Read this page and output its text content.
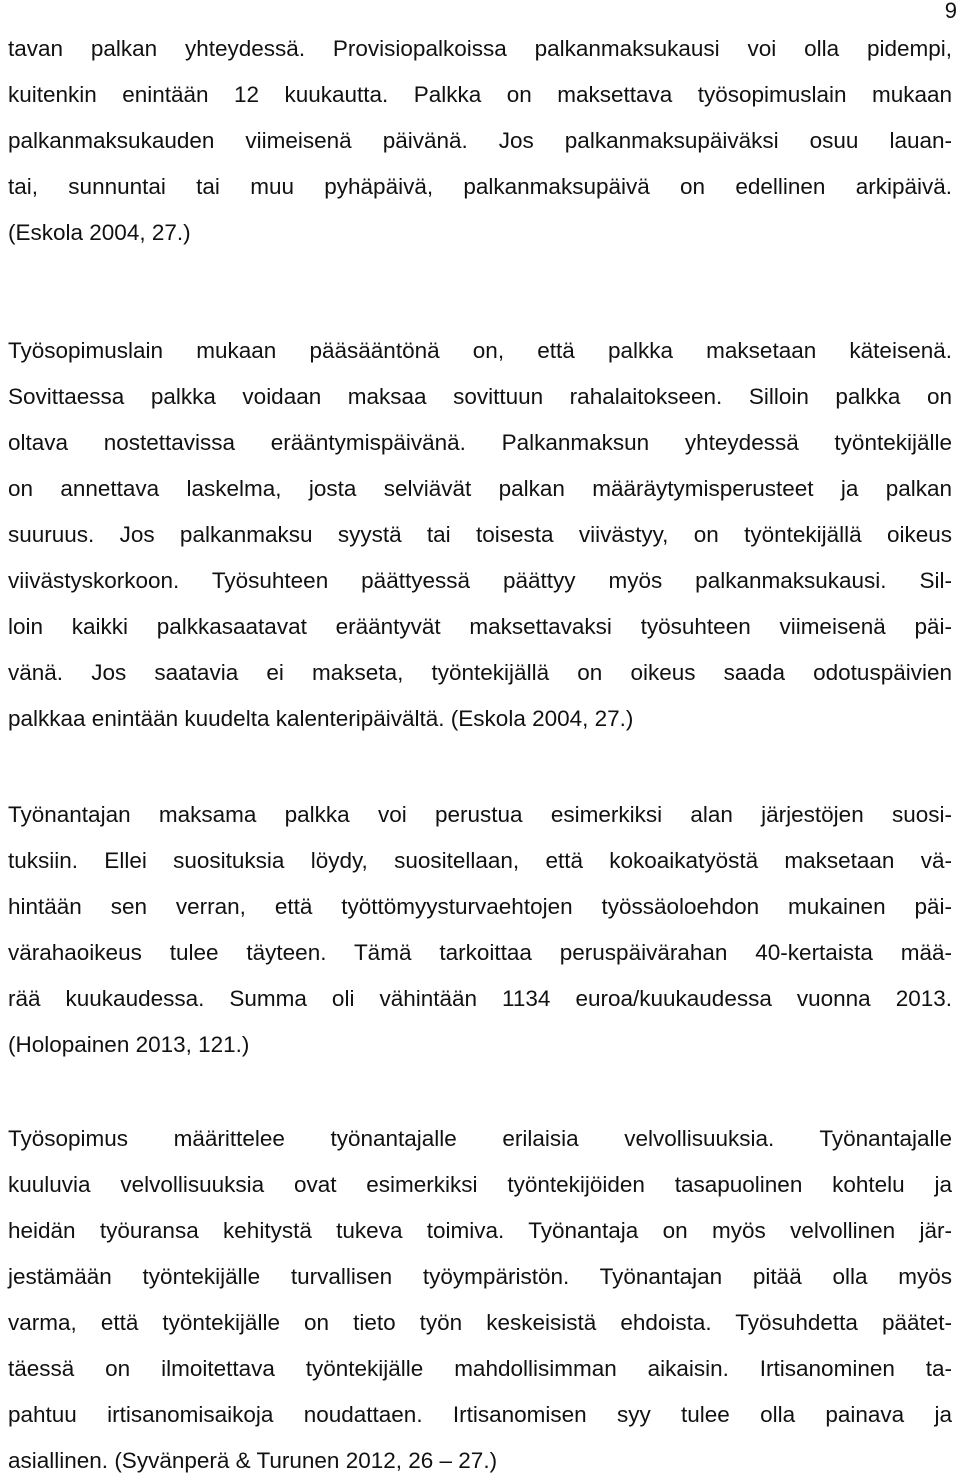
9
tavan palkan yhteydessä. Provisiopalkoissa palkanmaksukausi voi olla pidempi,
kuitenkin enintään 12 kuukautta. Palkka on maksettava työsopimuslain mukaan
palkanmaksukauden viimeisenä päivänä. Jos palkanmaksupäiväksi osuu lauan-
tai, sunnuntai tai muu pyhäpäivä, palkanmaksupäivä on edellinen arkipäivä.
(Eskola 2004, 27.)
Työsopimuslain mukaan pääsääntönä on, että palkka maksetaan käteisenä.
Sovittaessa palkka voidaan maksaa sovittuun rahalaitokseen. Silloin palkka on
oltava nostettavissa erääntymispäivänä. Palkanmaksun yhteydessä työntekijälle
on annettava laskelma, josta selviävät palkan määräytymisperusteet ja palkan
suuruus. Jos palkanmaksu syystä tai toisesta viivästyy, on työntekijällä oikeus
viivästyskorkoon. Työsuhteen päättyessä päättyy myös palkanmaksukausi. Sil-
loin kaikki palkkasaatavat erääntyvät maksettavaksi työsuhteen viimeisenä päi-
vänä. Jos saatavia ei makseta, työntekijällä on oikeus saada odotuspäivien
palkkaa enintään kuudelta kalenteripäivältä. (Eskola 2004, 27.)
Työnantajan maksama palkka voi perustua esimerkiksi alan järjestöjen suosi-
tuksiin. Ellei suosituksia löydy, suositellaan, että kokoaikatyöstä maksetaan vä-
hintään sen verran, että työttömyysturvaehtojen työssäoloehdon mukainen päi-
värahaoikeus tulee täyteen. Tämä tarkoittaa peruspäivärahan 40-kertaista mää-
rää kuukaudessa. Summa oli vähintään 1134 euroa/kuukaudessa vuonna 2013.
(Holopainen 2013, 121.)
Työsopimus määrittelee työnantajalle erilaisia velvollisuuksia. Työnantajalle
kuuluvia velvollisuuksia ovat esimerkiksi työntekijöiden tasapuolinen kohtelu ja
heidän työuransa kehitystä tukeva toimiva. Työnantaja on myös velvollinen jär-
jestämään työntekijälle turvallisen työympäristön. Työnantajan pitää olla myös
varma, että työntekijälle on tieto työn keskeisistä ehdoista. Työsuhdetta päätet-
täessä on ilmoitettava työntekijälle mahdollisimman aikaisin. Irtisanominen ta-
pahtuu irtisanomisaikoja noudattaen. Irtisanomisen syy tulee olla painava ja
asiallinen. (Syvänperä & Turunen 2012, 26 – 27.)
